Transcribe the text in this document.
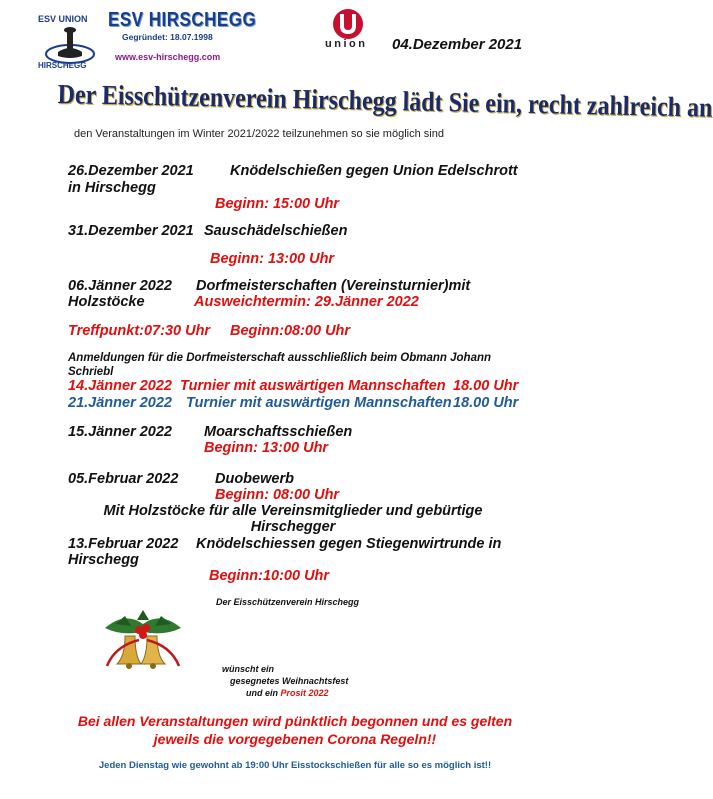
ESV UNION
HIRSCHEGG
ESV HIRSCHEGG
Gegründet: 18.07.1998
www.esv-hirschegg.com
union 04.Dezember 2021
Der Eisschützenverein Hirschegg lädt Sie ein, recht zahlreich an
den Veranstaltungen im Winter 2021/2022 teilzunehmen so sie möglich sind
26.Dezember 2021	Knödelschießen gegen Union Edelschrott
in Hirschegg
Beginn: 15:00 Uhr
31.Dezember 2021 Sauschädelschießen
Beginn: 13:00 Uhr
06.Jänner 2022 Dorfmeisterschaften (Vereinsturnier)mit
Holzstöcke	Ausweichtermin: 29.Jänner 2022
Treffpunkt:07:30 Uhr Beginn:08:00 Uhr
Anmeldungen für die Dorfmeisterschaft ausschließlich beim Obmann Johann Schriebl
14.Jänner 2022 Turnier mit auswärtigen Mannschaften 18.00 Uhr
21.Jänner 2022 Turnier mit auswärtigen Mannschaften 18.00 Uhr
15.Jänner 2022 Moarschaftsschießen
Beginn: 13:00 Uhr
05.Februar 2022	Duobewerb
Beginn: 08:00 Uhr
Mit Holzstöcke für alle Vereinsmitglieder und gebürtige
Hirschegger
13.Februar 2022 Knödelschiessen gegen Stiegenwirtrunde in
Hirschegg
Beginn:10:00 Uhr
Der Eisschützenverein Hirschegg
wünscht ein
gesegnetes Weihnachtsfest
und ein Prosit 2022
Bei allen Veranstaltungen wird pünktlich begonnen und es gelten jeweils die vorgegebenen Corona Regeln!!
Jeden Dienstag wie gewohnt ab 19:00 Uhr Eisstockschießen für alle so es möglich ist!!
